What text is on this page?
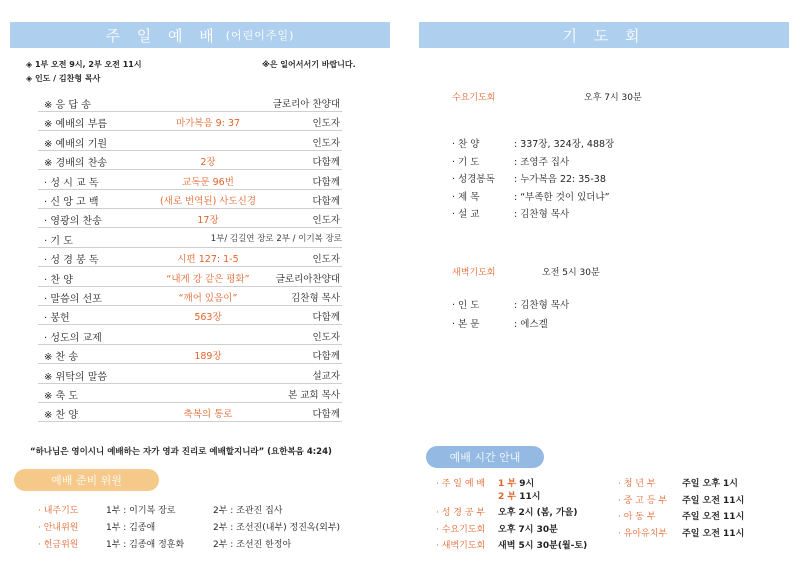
주 일 예 배 (어린이주일)
◈ 1부 오전 9시, 2부 오전 11시	※은 일어서서기 바랍니다.
◈ 인도 / 김찬형 목사
※ 응 답 송	글로리아 찬양대
※ 예배의 부름	마가복음 9: 37	인도자
※ 예배의 기원	인도자
※ 경배의 찬송	2장	다함께
· 성 시 교 독	교독문 96번	다함께
· 신 앙 고 백	(새로 번역된) 사도신경	다함께
· 영광의 찬송	17장	인도자
· 기 도	1부/ 김길연 장로 2부 / 이기복 장로
· 성 경 봉 독	시편 127: 1-5	인도자
· 찬 양	“내게 강 같은 평화”	글로리아찬양대
· 말씀의 선포	“깨어 있음이”	김찬형 목사
· 봉헌	563장	다함께
· 성도의 교제	인도자
※ 찬 송	189장	다함께
※ 위탁의 말씀	설교자
※ 축 도	본 교회 목사
※ 찬 양	축복의 통로	다함께
“하나님은 영이시니 예배하는 자가 영과 진리로 예배할지니라” (요한복음 4:24)
예배 준비 위원
· 내주기도	1부 : 이기복 장로	2부 : 조관진 집사
· 안내위원	1부 : 김종애	2부 : 조선진(내부) 정진옥(외부)
· 헌금위원	1부 : 김종애 정훈화	2부 : 조선진 한정아
기 도 회
수요기도회	오후 7시 30분
· 찬 양	: 337장, 324장, 488장
· 기 도	: 조영주 집사
· 성경봉독 : 누가복음 22: 35-38
· 제 목	: “부족한 것이 있더냐”
· 설 교	: 김찬형 목사
새벽기도회	오전 5시 30분
· 인 도	: 김찬형 목사
· 본 문	: 에스겔
예배 시간 안내
· 주 일 예 배 1 부 9시
2 부 11시
· 성 경 공 부 오후 2시 (봄, 가을)
· 수요기도회 오후 7시 30분
· 새벽기도회 새벽 5시 30분(월-토)
· 청 년 부	주일 오후 1시
· 중 고 등 부 주일 오전 11시
· 아 동 부	주일 오전 11시
· 유아유치부 주일 오전 11시
